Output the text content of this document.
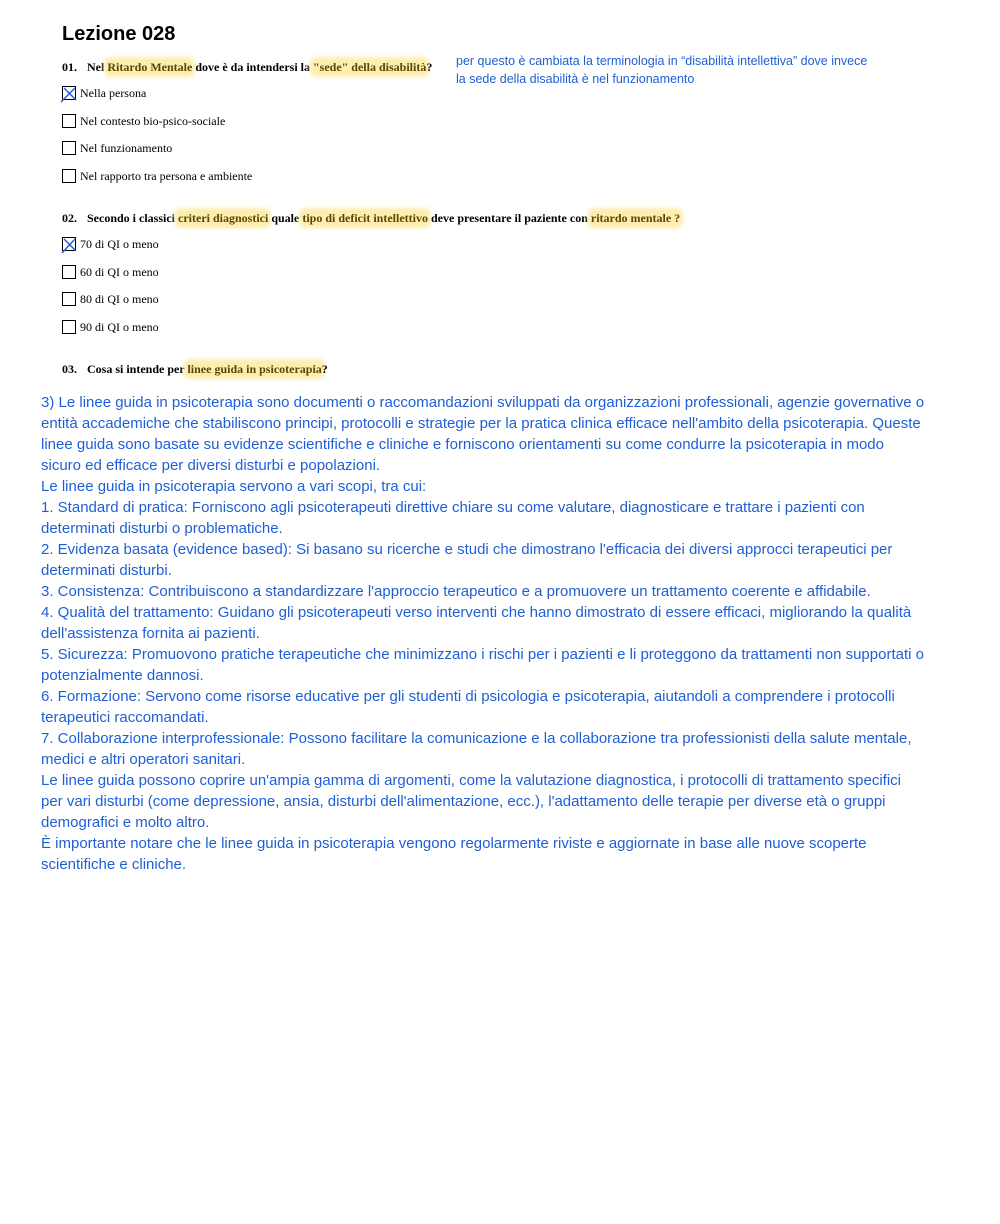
Lezione 028
01. Nel Ritardo Mentale dove è da intendersi la "sede" della disabilità? per questo è cambiata la terminologia in “disabilità intellettiva” dove invece la sede della disabilità è nel funzionamento
Nella persona
Nel contesto bio-psico-sociale
Nel funzionamento
Nel rapporto tra persona e ambiente
02. Secondo i classici criteri diagnostici quale tipo di deficit intellettivo deve presentare il paziente con ritardo mentale ?
70 di QI o meno
60 di QI o meno
80 di QI o meno
90 di QI o meno
03. Cosa si intende per linee guida in psicoterapia?

3) Le linee guida in psicoterapia sono documenti o raccomandazioni sviluppati da organizzazioni professionali, agenzie governative o entità accademiche che stabiliscono principi, protocolli e strategie per la pratica clinica efficace nell'ambito della psicoterapia. Queste linee guida sono basate su evidenze scientifiche e cliniche e forniscono orientamenti su come condurre la psicoterapia in modo sicuro ed efficace per diversi disturbi e popolazioni.

Le linee guida in psicoterapia servono a vari scopi, tra cui:

1. Standard di pratica: Forniscono agli psicoterapeuti direttive chiare su come valutare, diagnosticare e trattare i pazienti con determinati disturbi o problematiche.

2. Evidenza basata (evidence based): Si basano su ricerche e studi che dimostrano l'efficacia dei diversi approcci terapeutici per determinati disturbi.

3. Consistenza: Contribuiscono a standardizzare l'approccio terapeutico e a promuovere un trattamento coerente e affidabile.

4. Qualità del trattamento: Guidano gli psicoterapeuti verso interventi che hanno dimostrato di essere efficaci, migliorando la qualità dell'assistenza fornita ai pazienti.

5. Sicurezza: Promuovono pratiche terapeutiche che minimizzano i rischi per i pazienti e li proteggono da trattamenti non supportati o potenzialmente dannosi.

6. Formazione: Servono come risorse educative per gli studenti di psicologia e psicoterapia, aiutandoli a comprendere i protocolli terapeutici raccomandati.

7. Collaborazione interprofessionale: Possono facilitare la comunicazione e la collaborazione tra professionisti della salute mentale, medici e altri operatori sanitari.

Le linee guida possono coprire un'ampia gamma di argomenti, come la valutazione diagnostica, i protocolli di trattamento specifici per vari disturbi (come depressione, ansia, disturbi dell'alimentazione, ecc.), l'adattamento delle terapie per diverse età o gruppi demografici e molto altro.

È importante notare che le linee guida in psicoterapia vengono regolarmente riviste e aggiornate in base alle nuove scoperte scientifiche e cliniche.
